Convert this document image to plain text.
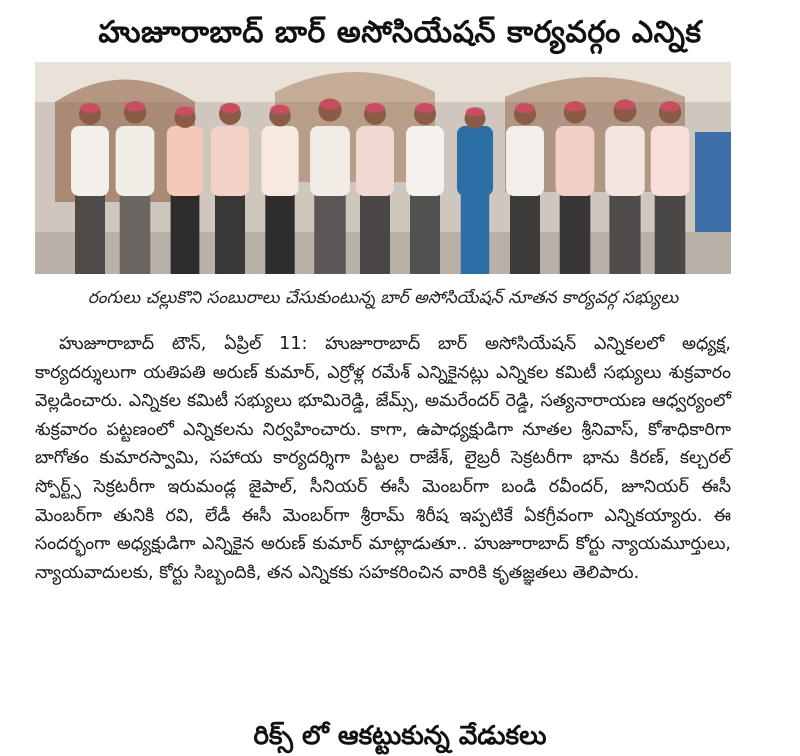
హుజూరాబాద్ బార్ అసోసియేషన్ కార్యవర్గం ఎన్నిక
రంగులు చల్లుకొని సంబురాలు చేసుకుంటున్న బార్ అసోసియేషన్ నూతన కార్యవర్గ సభ్యులు

హుజూరాబాద్ టౌన్, ఏప్రిల్ 11: హుజూరాబాద్ బార్ అసోసియేషన్ ఎన్నికలలో అధ్యక్ష, కార్యదర్శులుగా యతిపతి అరుణ్ కుమార్, ఎర్రోళ్ల రమేశ్ ఎన్నికైనట్లు ఎన్నికల కమిటీ సభ్యులు శుక్రవారం వెల్లడించారు. ఎన్నికల కమిటీ సభ్యులు భూమిరెడ్డి, జేమ్స్, అమరేందర్ రెడ్డి, సత్యనారాయణ ఆధ్వర్యంలో శుక్రవారం పట్టణంలో ఎన్నికలను నిర్వహించారు. కాగా, ఉపాధ్యక్షుడిగా నూతల శ్రీనివాస్, కోశాధికారిగా బాగోతం కుమారస్వామి, సహాయ కార్యదర్శిగా పిట్టల రాజేశ్, లైబ్రరీ సెక్రటరీగా భాను కిరణ్, కల్చరల్ స్పోర్ట్స్ సెక్రటరీగా ఇరుమండ్ల జైపాల్, సీనియర్ ఈసీ మెంబర్‌గా బండి రవీందర్, జూనియర్ ఈసీ మెంబర్‌గా తునికి రవి, లేడీ ఈసీ మెంబర్‌గా శ్రీరామ్ శిరీష ఇప్పటికే ఏకగ్రీవంగా ఎన్నికయ్యారు. ఈ సందర్భంగా అధ్యక్షుడిగా ఎన్నికైన అరుణ్ కుమార్ మాట్లాడుతూ.. హుజూరాబాద్ కోర్టు న్యాయమూర్తులు, న్యాయవాదులకు, కోర్టు సిబ్బందికి, తన ఎన్నికకు సహకరించిన వారికి కృతజ్ఞతలు తెలిపారు.

రిక్స్ లో ఆకట్టుకున్న వేడుకలు
